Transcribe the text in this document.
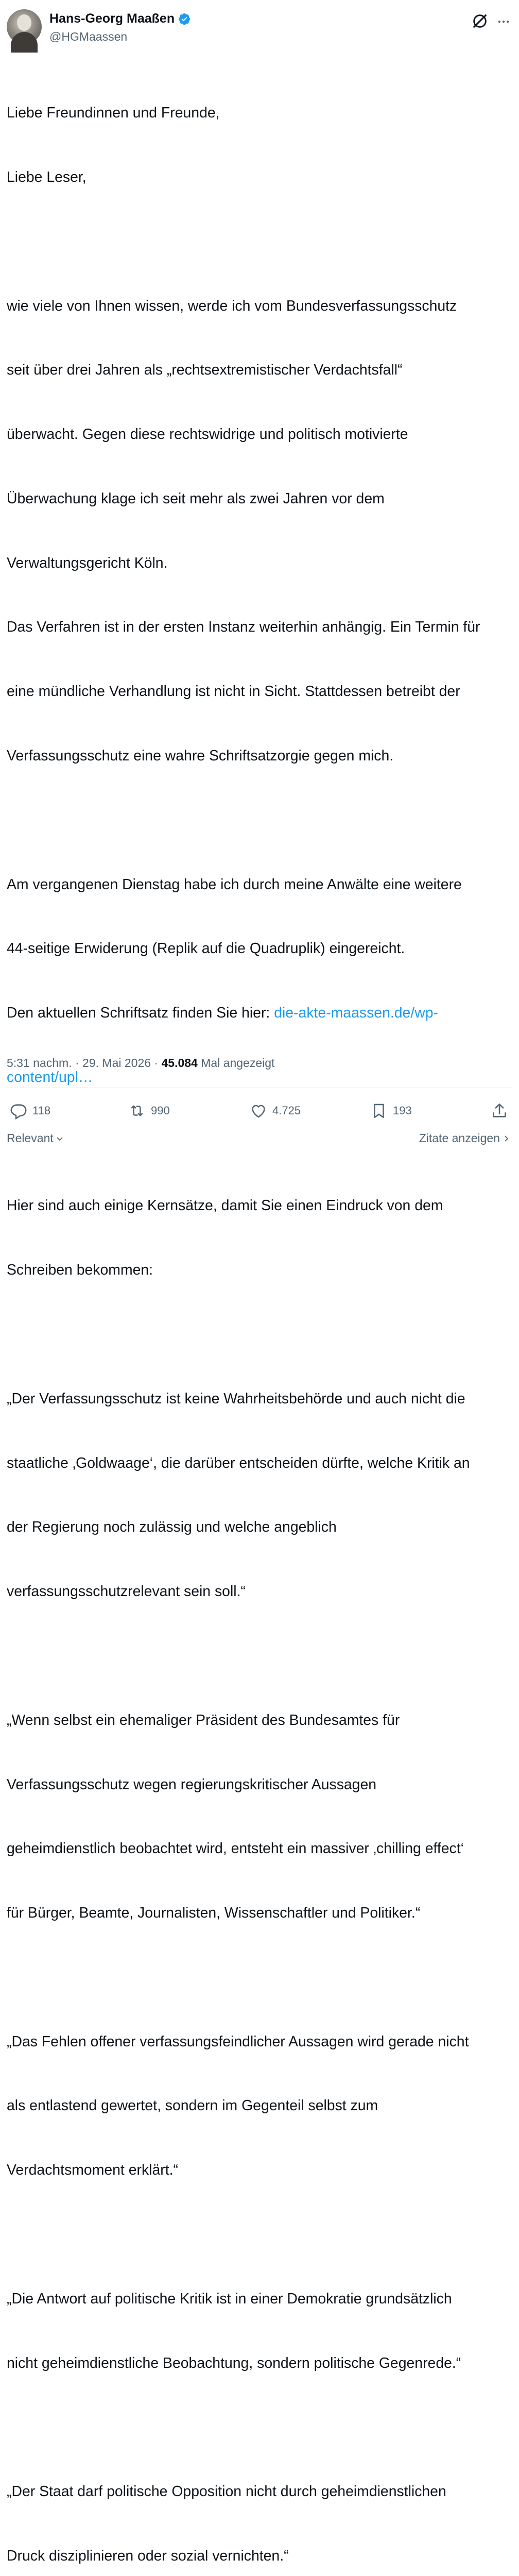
Hans-Georg Maaßen
@HGMaassen

Liebe Freundinnen und Freunde,

Liebe Leser,

wie viele von Ihnen wissen, werde ich vom Bundesverfassungsschutz

seit über drei Jahren als „rechtsextremistischer Verdachtsfall“

überwacht. Gegen diese rechtswidrige und politisch motivierte

Überwachung klage ich seit mehr als zwei Jahren vor dem

Verwaltungsgericht Köln.

Das Verfahren ist in der ersten Instanz weiterhin anhängig. Ein Termin für

eine mündliche Verhandlung ist nicht in Sicht. Stattdessen betreibt der

Verfassungsschutz eine wahre Schriftsatzorgie gegen mich.

Am vergangenen Dienstag habe ich durch meine Anwälte eine weitere

44-seitige Erwiderung (Replik auf die Quadruplik) eingereicht.

Den aktuellen Schriftsatz finden Sie hier: die-akte-maassen.de/wp-

content/upl…

Hier sind auch einige Kernsätze, damit Sie einen Eindruck von dem

Schreiben bekommen:

„Der Verfassungsschutz ist keine Wahrheitsbehörde und auch nicht die

staatliche ‚Goldwaage‘, die darüber entscheiden dürfte, welche Kritik an

der Regierung noch zulässig und welche angeblich

verfassungsschutzrelevant sein soll.“

„Wenn selbst ein ehemaliger Präsident des Bundesamtes für

Verfassungsschutz wegen regierungskritischer Aussagen

geheimdienstlich beobachtet wird, entsteht ein massiver ‚chilling effect‘

für Bürger, Beamte, Journalisten, Wissenschaftler und Politiker.“

„Das Fehlen offener verfassungsfeindlicher Aussagen wird gerade nicht

als entlastend gewertet, sondern im Gegenteil selbst zum

Verdachtsmoment erklärt.“

„Die Antwort auf politische Kritik ist in einer Demokratie grundsätzlich

nicht geheimdienstliche Beobachtung, sondern politische Gegenrede.“

„Der Staat darf politische Opposition nicht durch geheimdienstlichen

Druck disziplinieren oder sozial vernichten.“

5:31 nachm. · 29. Mai 2026 · 45.084 Mal angezeigt
118	990	4.725	193
Relevant	Zitate anzeigen
